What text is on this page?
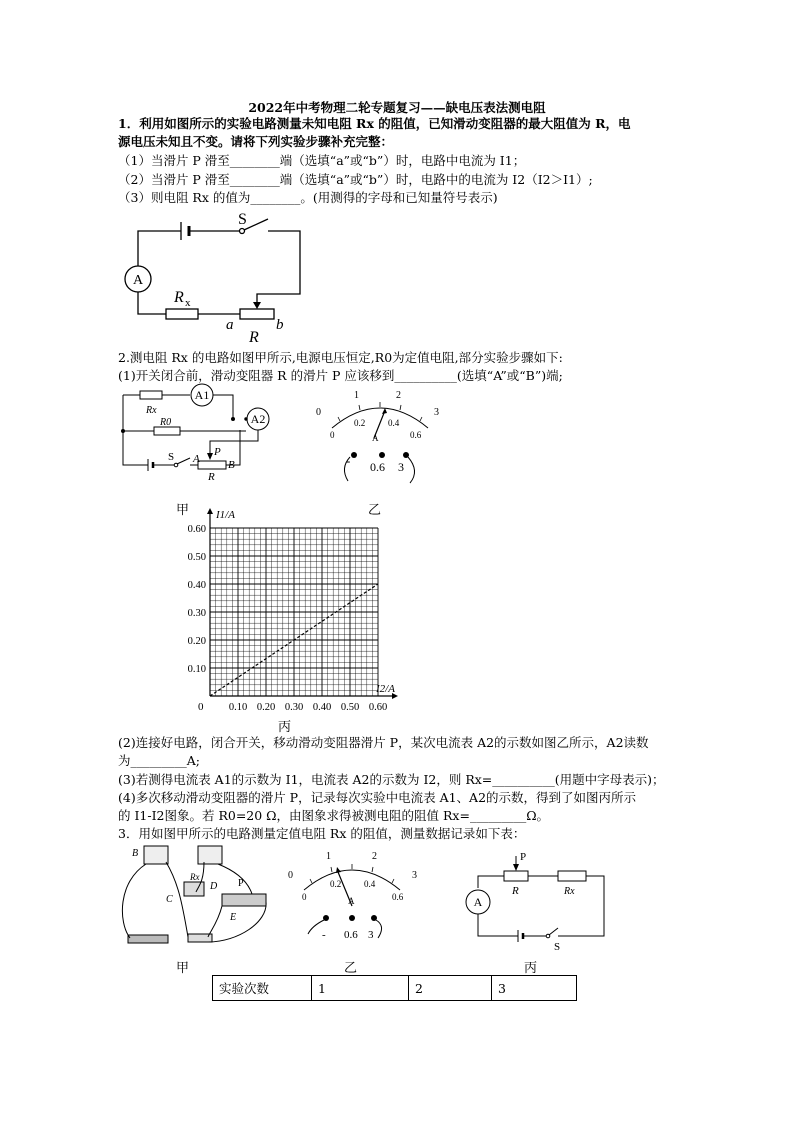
2022年中考物理二轮专题复习——缺电压表法测电阻
1．利用如图所示的实验电路测量未知电阻 Rx 的阻值，已知滑动变阻器的最大阻值为 R，电
源电压未知且不变。请将下列实验步骤补充完整：
（1）当滑片 P 滑至________端（选填“a”或“b”）时，电路中电流为 I1；
（2）当滑片 P 滑至________端（选填“a”或“b”）时，电路中的电流为 I2（I2＞I1）;
（3）则电阻 Rx 的值为________。(用测得的字母和已知量符号表示)
A
S
R x
a	b
R
2.测电阻 Rx 的电路如图甲所示,电源电压恒定,R0为定值电阻,部分实验步骤如下:
(1)开关闭合前，滑动变阻器 R 的滑片 P 应该移到__________(选填“A”或“B”)端;
Rx
R0
A1
A2
S A
P
B
R
甲
1	2
0	3
0
0.2	0.4
0.6
A
- 0.6 3
乙
0.10 0.20 0.30 0.40 0.50 0.60
0.10
0.20
0.30
0.40
0.50
0.60
I1/A
I2/A
0
丙
(2)连接好电路，闭合开关，移动滑动变阻器滑片 P，某次电流表 A2的示数如图乙所示，A2读数
为_________A;
(3)若测得电流表 A1的示数为 I1，电流表 A2的示数为 I2，则 Rx=__________(用题中字母表示)；
(4)多次移动滑动变阻器的滑片 P，记录每次实验中电流表 A1、A2的示数，得到了如图丙所示
的 I1-I2图象。若 R0=20 Ω，由图象求得被测电阻的阻值 Rx=_________Ω。
3．用如图甲所示的电路测量定值电阻 Rx 的阻值，测量数据记录如下表：
B
C
D
E
P
Rx
甲
1	2
0	3
0
0.2	0.4
0.6
A
- 0.6 3
乙
P
R	Rx
A
S
丙
实验次数	1	2	3
